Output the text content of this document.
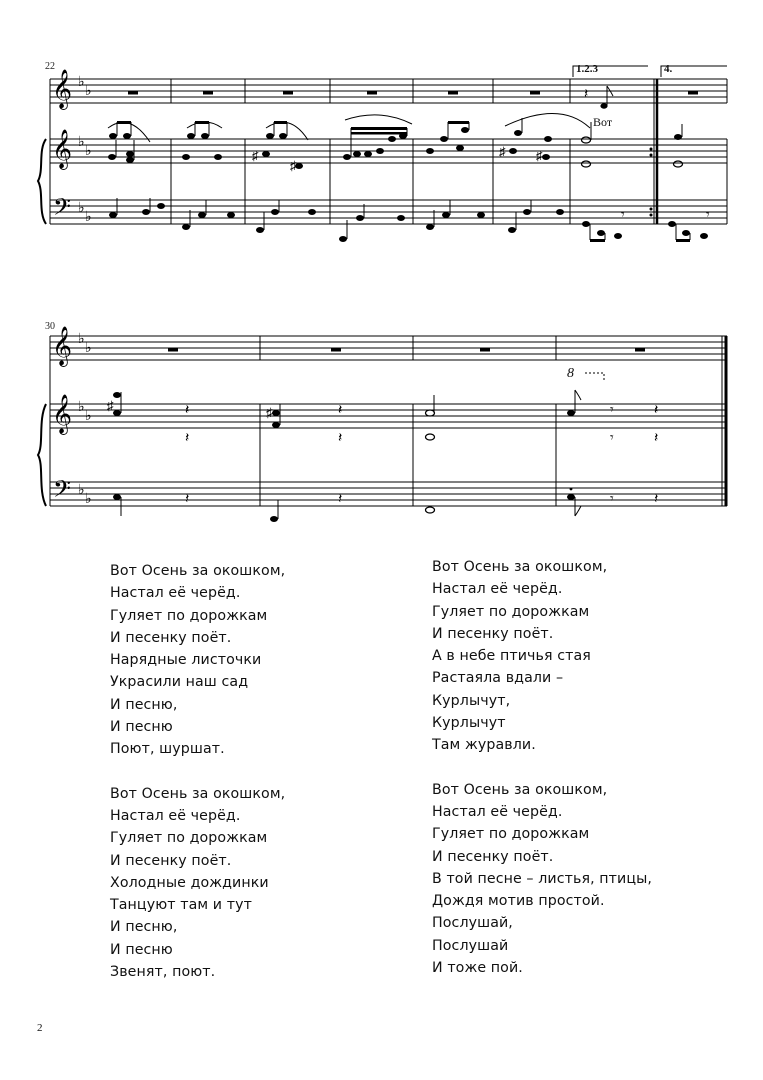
22
𝄞
𝄞
𝄢
♭
♭
♭
♭
♭
♭
𝄽
♯
♯
♯ ♯
𝄾	𝄾
1.2.3	4.
Вот
30
𝄞
𝄞
𝄢
♭
♭
♭
♭
♭
♭
♯	♯
𝄽
𝄽
𝄽
𝄽
𝄽
𝄽
𝄾
𝄾
𝄽	𝄽	𝄾	𝄽
8
Вот Осень за окошком,
Настал её черёд.
Гуляет по дорожкам
И песенку поёт.
Нарядные листочки
Украсили наш сад
И песню,
И песню
Поют, шуршат.
Вот Осень за окошком,
Настал её черёд.
Гуляет по дорожкам
И песенку поёт.
Холодные дождинки
Танцуют там и тут
И песню,
И песню
Звенят, поют.
Вот Осень за окошком,
Настал её черёд.
Гуляет по дорожкам
И песенку поёт.
А в небе птичья стая
Растаяла вдали –
Курлычут,
Курлычут
Там журавли.
Вот Осень за окошком,
Настал её черёд.
Гуляет по дорожкам
И песенку поёт.
В той песне – листья, птицы,
Дождя мотив простой.
Послушай,
Послушай
И тоже пой.
2
